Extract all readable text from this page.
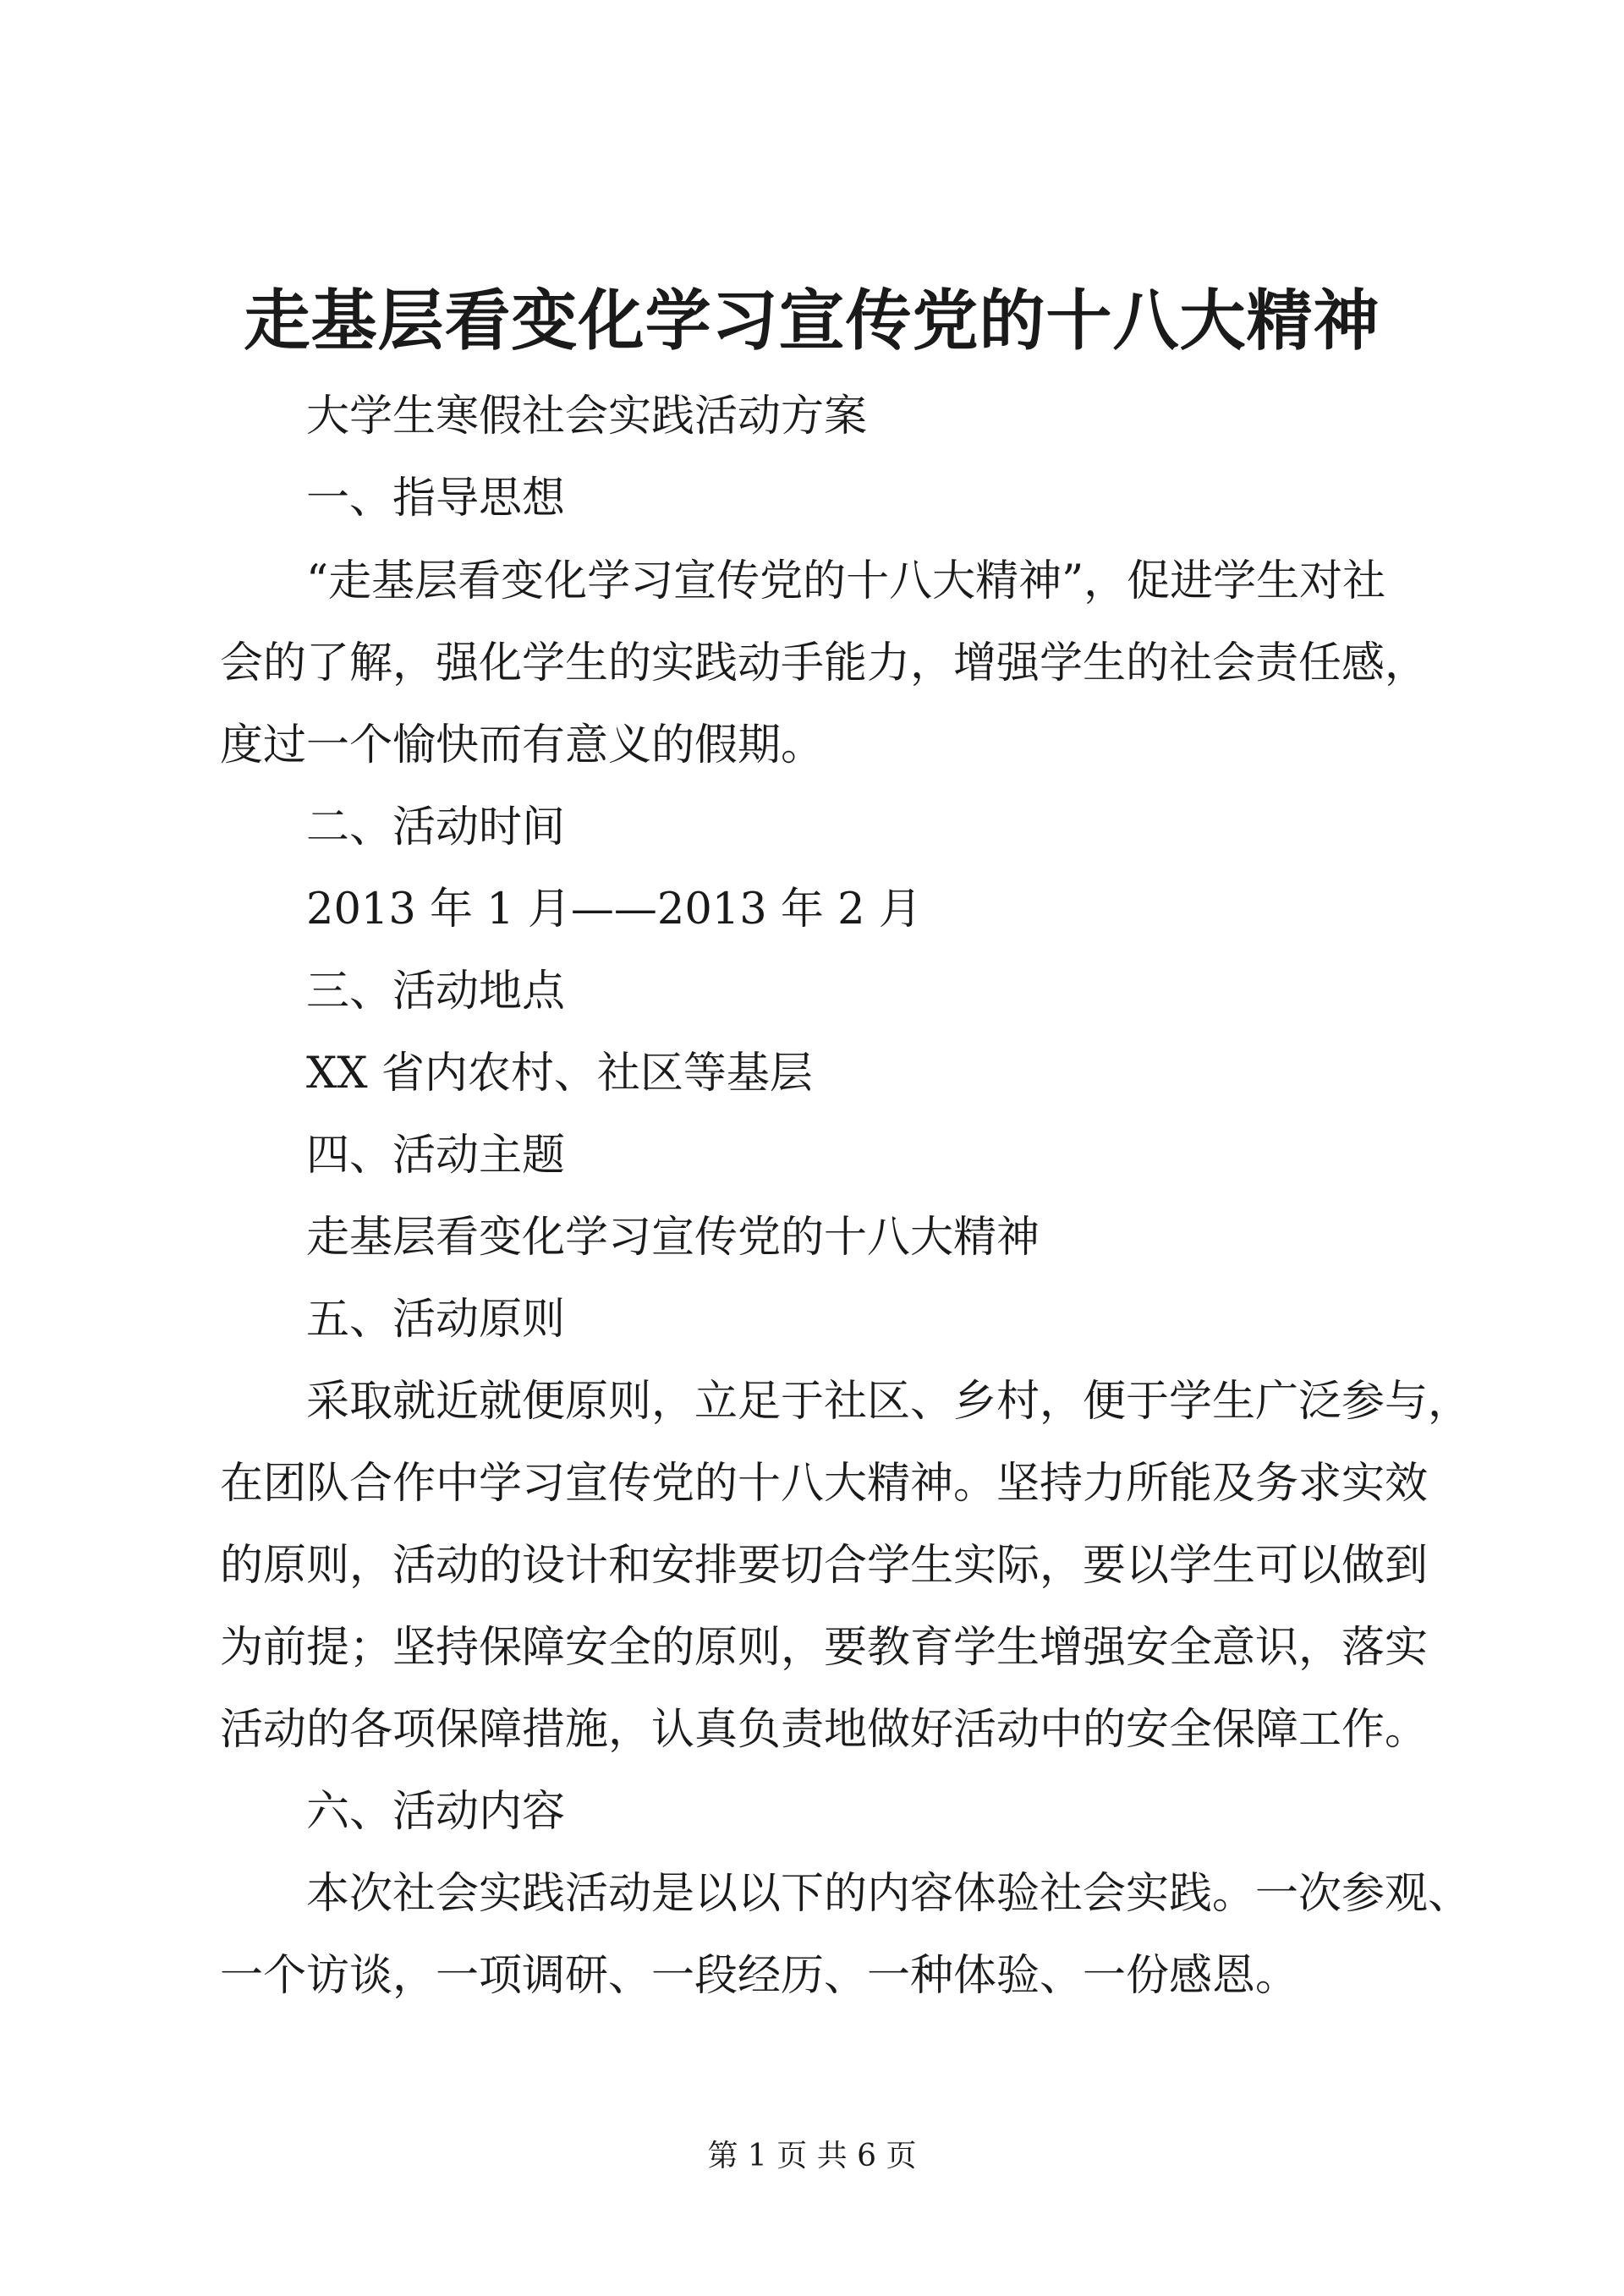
走基层看变化学习宣传党的十八大精神
大学生寒假社会实践活动方案
一、指导思想
“走基层看变化学习宣传党的十八大精神”，促进学生对社
会的了解，强化学生的实践动手能力，增强学生的社会责任感，
度过一个愉快而有意义的假期。
二、活动时间
2013 年 1 月——2013 年 2 月
三、活动地点
XX 省内农村、社区等基层
四、活动主题
走基层看变化学习宣传党的十八大精神
五、活动原则
采取就近就便原则，立足于社区、乡村，便于学生广泛参与，
在团队合作中学习宣传党的十八大精神。坚持力所能及务求实效
的原则，活动的设计和安排要切合学生实际，要以学生可以做到
为前提；坚持保障安全的原则，要教育学生增强安全意识，落实
活动的各项保障措施，认真负责地做好活动中的安全保障工作。
六、活动内容
本次社会实践活动是以以下的内容体验社会实践。一次参观、
一个访谈，一项调研、一段经历、一种体验、一份感恩。
第 1 页 共 6 页
